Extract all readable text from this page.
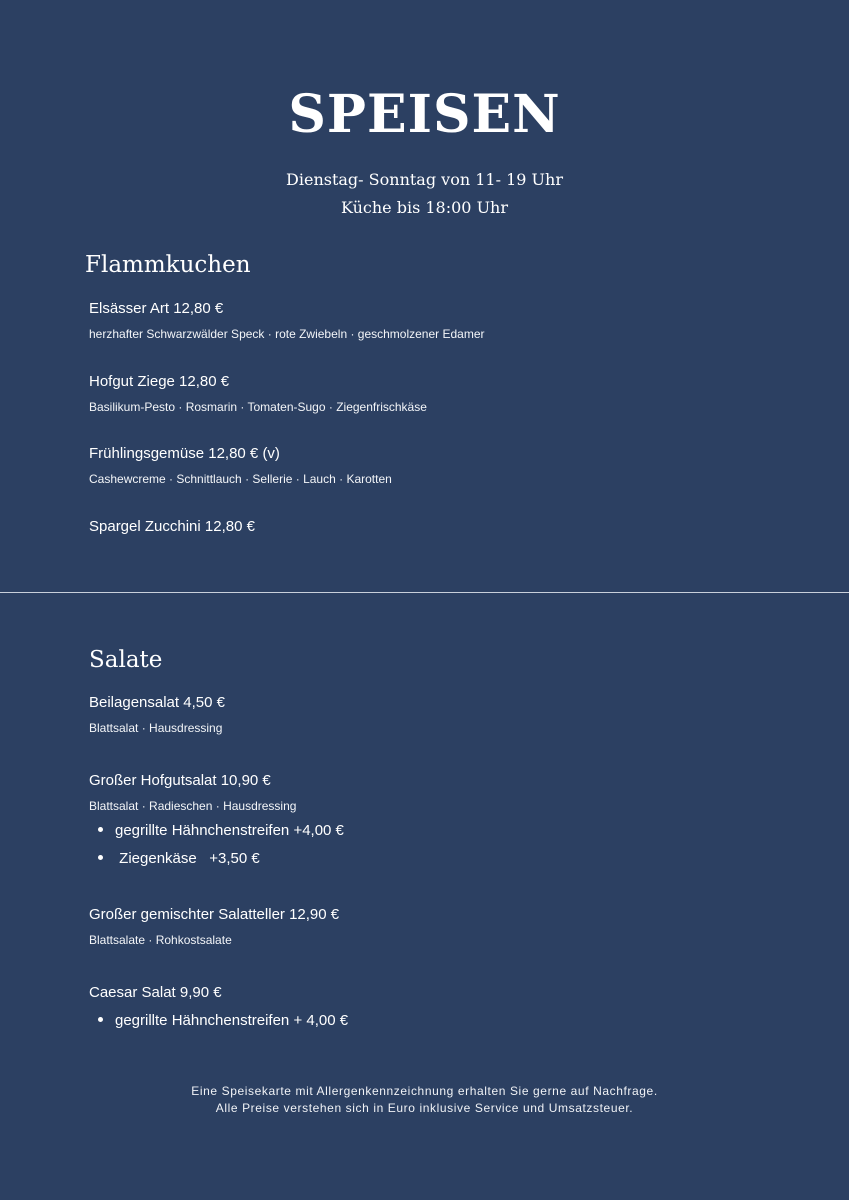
SPEISEN
Dienstag- Sonntag von 11- 19 Uhr
Küche bis 18:00 Uhr
Flammkuchen
Elsässer Art 12,80 €
herzhafter Schwarzwälder Speck · rote Zwiebeln · geschmolzener Edamer
Hofgut Ziege 12,80 €
Basilikum-Pesto · Rosmarin · Tomaten-Sugo · Ziegenfrischkäse
Frühlingsgemüse 12,80 € (v)
Cashewcreme · Schnittlauch · Sellerie · Lauch · Karotten
Spargel Zucchini 12,80 €
Salate
Beilagensalat 4,50 €
Blattsalat · Hausdressing
Großer Hofgutsalat 10,90 €
Blattsalat · Radieschen · Hausdressing
gegrillte Hähnchenstreifen +4,00 €
Ziegenkäse   +3,50 €
Großer gemischter Salatteller 12,90 €
Blattsalate · Rohkostsalate
Caesar Salat 9,90 €
gegrillte Hähnchenstreifen + 4,00 €
Eine Speisekarte mit Allergenkennzeichnung erhalten Sie gerne auf Nachfrage.
Alle Preise verstehen sich in Euro inklusive Service und Umsatzsteuer.
